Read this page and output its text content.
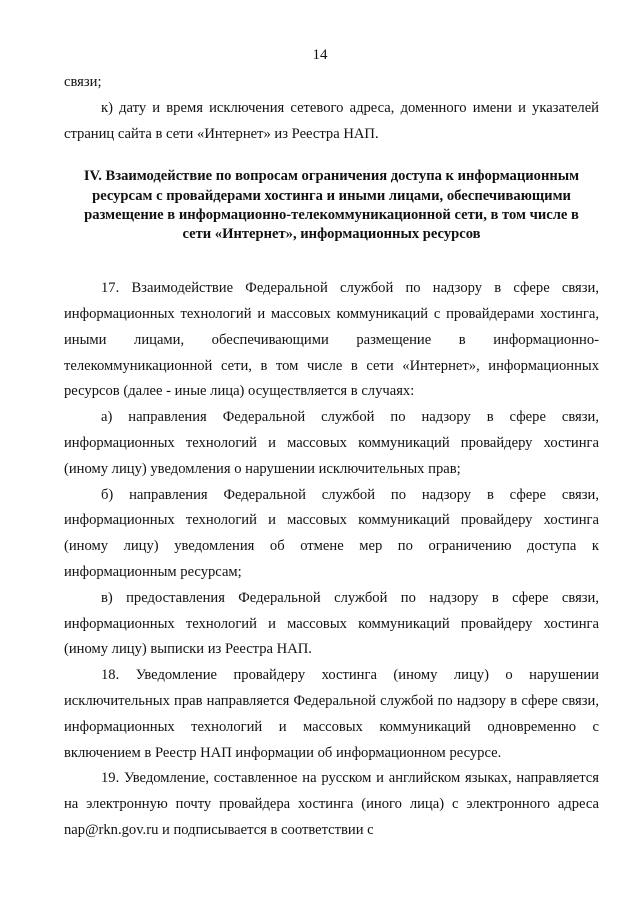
14

связи;

к) дату и время исключения сетевого адреса, доменного имени и указателей страниц сайта в сети «Интернет» из Реестра НАП.

IV. Взаимодействие по вопросам ограничения доступа к информационным ресурсам с провайдерами хостинга и иными лицами, обеспечивающими размещение в информационно-телекоммуникационной сети, в том числе в сети «Интернет», информационных ресурсов

17. Взаимодействие Федеральной службой по надзору в сфере связи, информационных технологий и массовых коммуникаций с провайдерами хостинга, иными лицами, обеспечивающими размещение в информационно-телекоммуникационной сети, в том числе в сети «Интернет», информационных ресурсов (далее - иные лица) осуществляется в случаях:

а) направления Федеральной службой по надзору в сфере связи, информационных технологий и массовых коммуникаций провайдеру хостинга (иному лицу) уведомления о нарушении исключительных прав;

б) направления Федеральной службой по надзору в сфере связи, информационных технологий и массовых коммуникаций провайдеру хостинга (иному лицу) уведомления об отмене мер по ограничению доступа к информационным ресурсам;

в) предоставления Федеральной службой по надзору в сфере связи, информационных технологий и массовых коммуникаций провайдеру хостинга (иному лицу) выписки из Реестра НАП.

18. Уведомление провайдеру хостинга (иному лицу) о нарушении исключительных прав направляется Федеральной службой по надзору в сфере связи, информационных технологий и массовых коммуникаций одновременно с включением в Реестр НАП информации об информационном ресурсе.

19. Уведомление, составленное на русском и английском языках, направляется на электронную почту провайдера хостинга (иного лица) с электронного адреса nap@rkn.gov.ru и подписывается в соответствии с
